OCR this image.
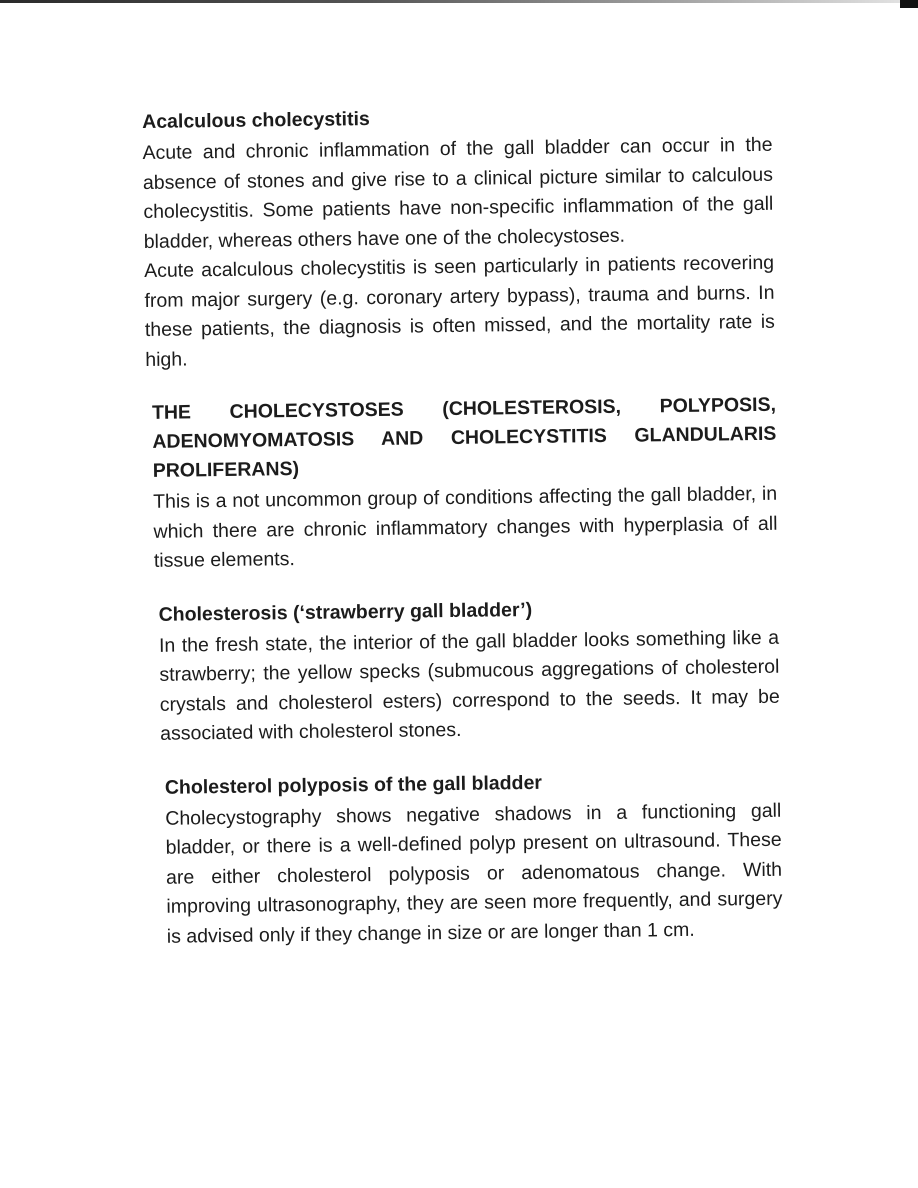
Acalculous cholecystitis

Acute and chronic inflammation of the gall bladder can occur in the absence of stones and give rise to a clinical picture similar to calculous cholecystitis. Some patients have non-specific inflammation of the gall bladder, whereas others have one of the cholecystoses.

Acute acalculous cholecystitis is seen particularly in patients recovering from major surgery (e.g. coronary artery bypass), trauma and burns. In these patients, the diagnosis is often missed, and the mortality rate is high.

THE CHOLECYSTOSES (CHOLESTEROSIS, POLYPOSIS, ADENOMYOMATOSIS AND CHOLECYSTITIS GLANDULARIS PROLIFERANS)

This is a not uncommon group of conditions affecting the gall bladder, in which there are chronic inflammatory changes with hyperplasia of all tissue elements.

Cholesterosis (‘strawberry gall bladder’)

In the fresh state, the interior of the gall bladder looks something like a strawberry; the yellow specks (submucous aggregations of cholesterol crystals and cholesterol esters) correspond to the seeds. It may be associated with cholesterol stones.

Cholesterol polyposis of the gall bladder

Cholecystography shows negative shadows in a functioning gall bladder, or there is a well-defined polyp present on ultrasound. These are either cholesterol polyposis or adenomatous change. With improving ultrasonography, they are seen more frequently, and surgery is advised only if they change in size or are longer than 1 cm.
